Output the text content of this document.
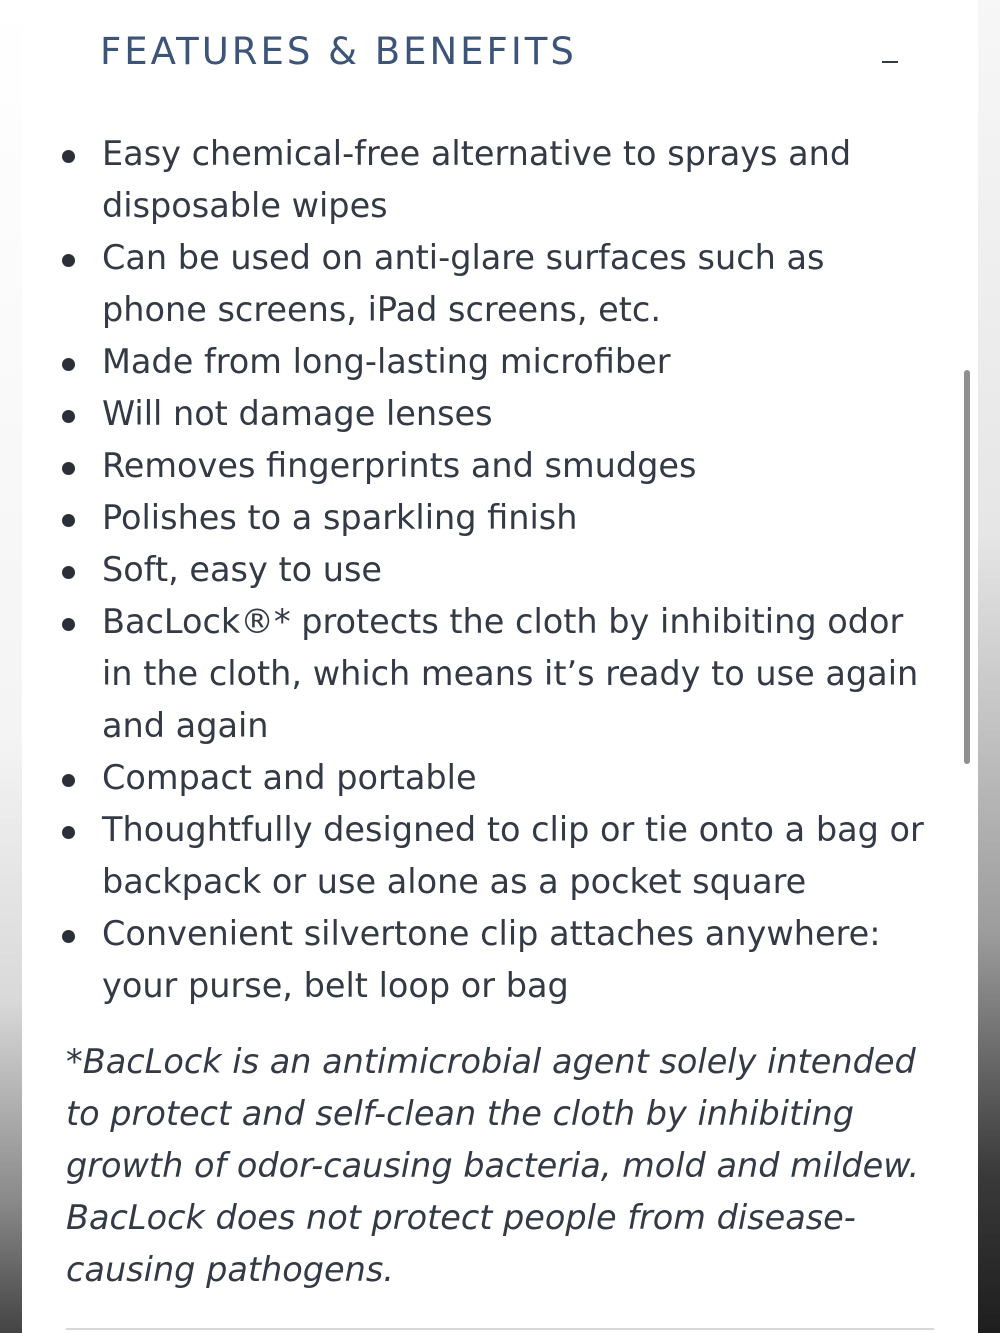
FEATURES & BENEFITS
Easy chemical-free alternative to sprays and disposable wipes
Can be used on anti-glare surfaces such as phone screens, iPad screens, etc.
Made from long-lasting microfiber
Will not damage lenses
Removes fingerprints and smudges
Polishes to a sparkling finish
Soft, easy to use
BacLock®* protects the cloth by inhibiting odor in the cloth, which means it’s ready to use again and again
Compact and portable
Thoughtfully designed to clip or tie onto a bag or backpack or use alone as a pocket square
Convenient silvertone clip attaches anywhere: your purse, belt loop or bag

*BacLock is an antimicrobial agent solely intended to protect and self-clean the cloth by inhibiting growth of odor-causing bacteria, mold and mildew. BacLock does not protect people from disease-causing pathogens.
